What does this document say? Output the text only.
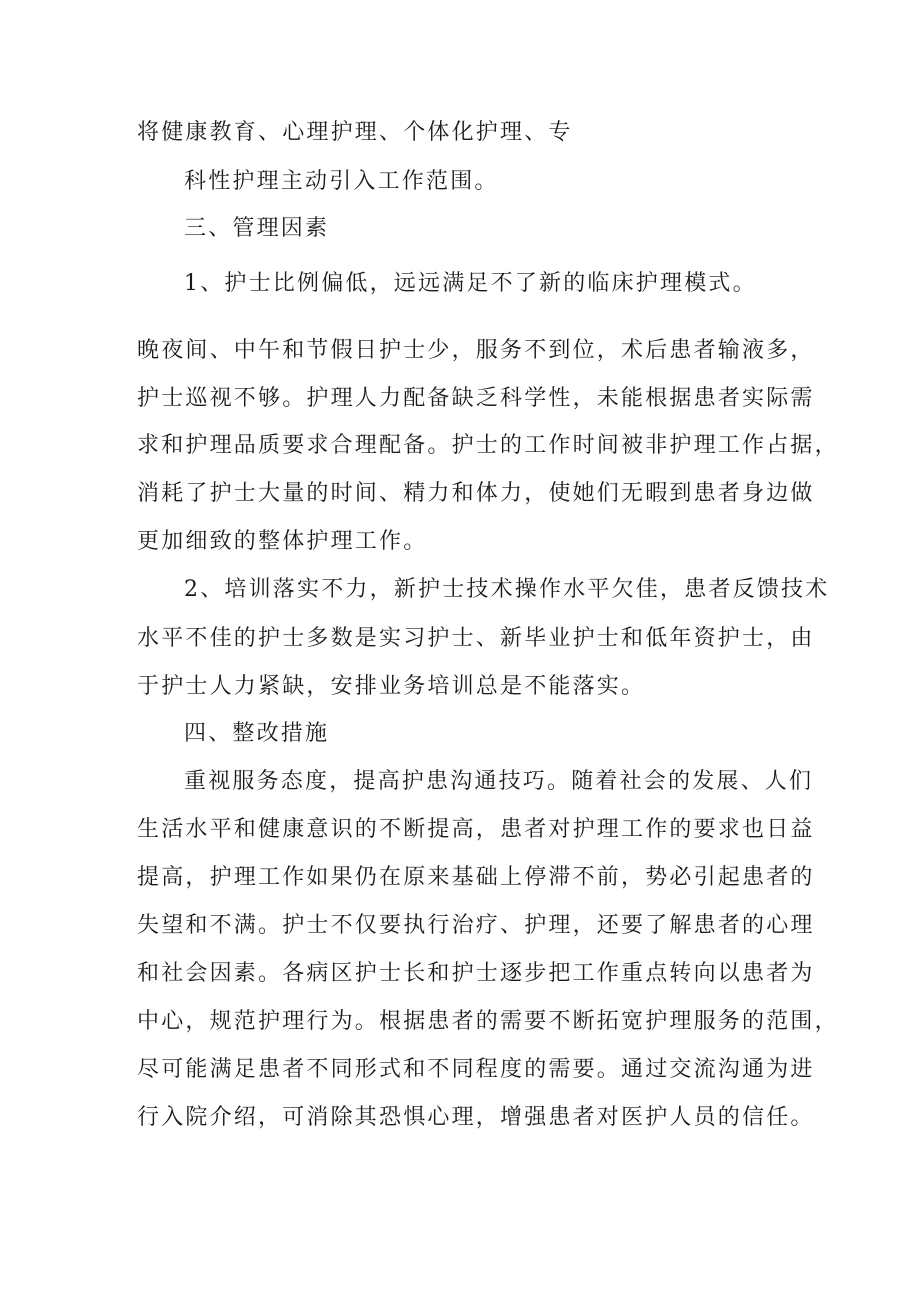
将健康教育、心理护理、个体化护理、专
科性护理主动引入工作范围。
三、管理因素
1、护士比例偏低，远远满足不了新的临床护理模式。
晚夜间、中午和节假日护士少，服务不到位，术后患者输液多，
护士巡视不够。护理人力配备缺乏科学性，未能根据患者实际需
求和护理品质要求合理配备。护士的工作时间被非护理工作占据，
消耗了护士大量的时间、精力和体力，使她们无暇到患者身边做
更加细致的整体护理工作。
2、培训落实不力，新护士技术操作水平欠佳，患者反馈技术
水平不佳的护士多数是实习护士、新毕业护士和低年资护士，由
于护士人力紧缺，安排业务培训总是不能落实。
四、整改措施
重视服务态度，提高护患沟通技巧。随着社会的发展、人们
生活水平和健康意识的不断提高，患者对护理工作的要求也日益
提高，护理工作如果仍在原来基础上停滞不前，势必引起患者的
失望和不满。护士不仅要执行治疗、护理，还要了解患者的心理
和社会因素。各病区护士长和护士逐步把工作重点转向以患者为
中心，规范护理行为。根据患者的需要不断拓宽护理服务的范围，
尽可能满足患者不同形式和不同程度的需要。通过交流沟通为进
行入院介绍，可消除其恐惧心理，增强患者对医护人员的信任。
